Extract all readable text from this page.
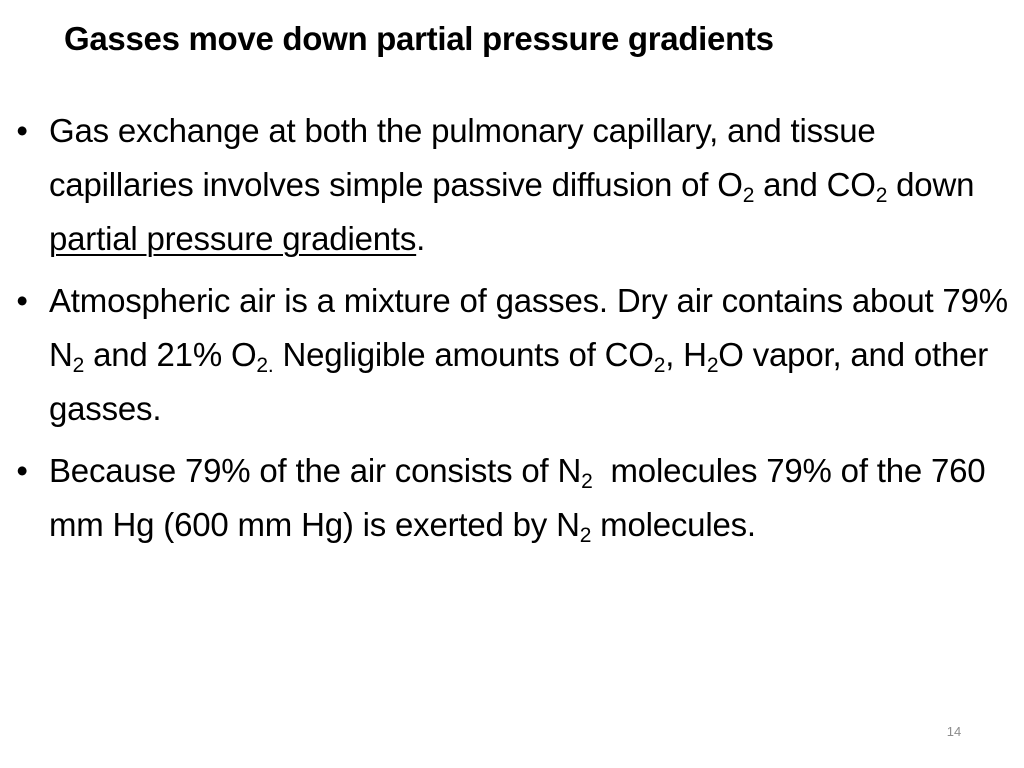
Gasses move down partial pressure gradients
• Gas exchange at both the pulmonary capillary, and tissue capillaries involves simple passive diffusion of $O_2$ and $CO_2$ down partial pressure gradients.
• Atmospheric air is a mixture of gasses. Dry air contains about 79% $N_2$ and 21% $O_{2.}$ Negligible amounts of $CO_2$, $H_2O$ vapor, and other gasses.
• Because 79% of the air consists of $N_2$  molecules 79% of the 760 mm Hg (600 mm Hg) is exerted by $N_2$ molecules.
14
